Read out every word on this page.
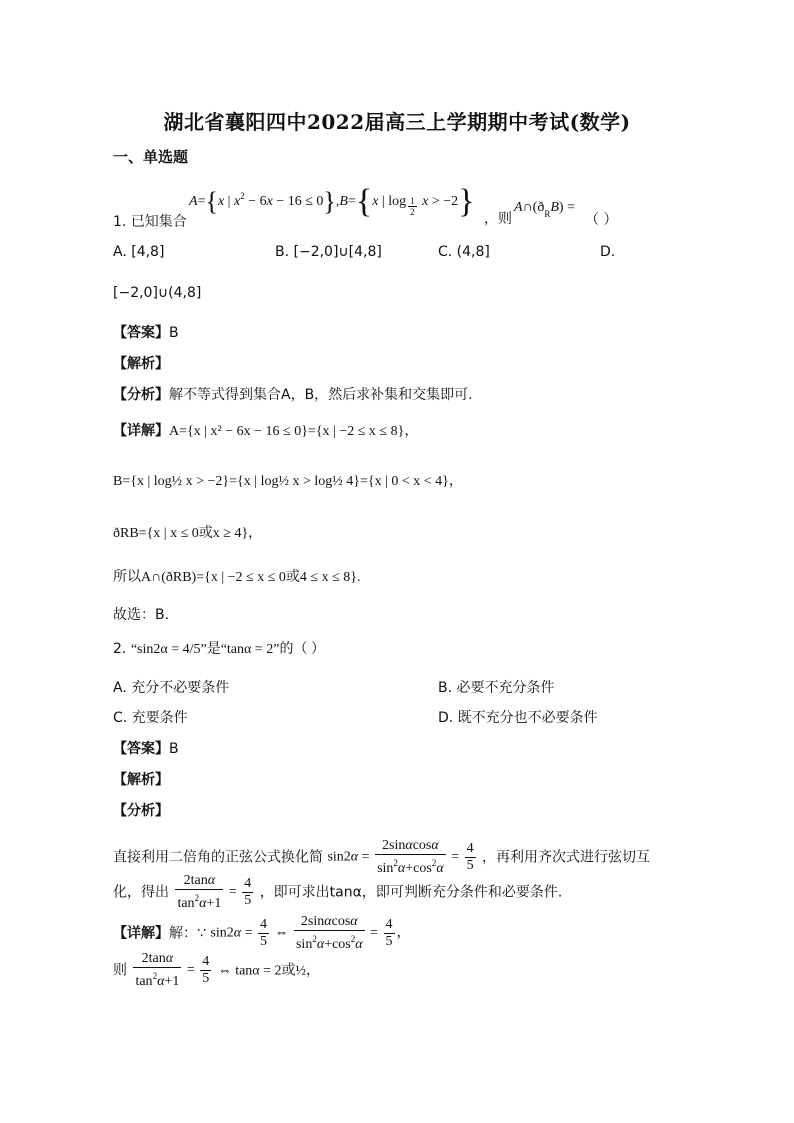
湖北省襄阳四中2022届高三上学期期中考试(数学)
一、单选题
A={x | $x^2 - 6x - 16 \le 0\},B=\{x$ | $\log \frac{1}{2}$ x > −2}
1. 已知集合	，则
$A\cap(ð_RB)$ =
（ ）
A. [4,8]	B. [−2,0]∪[4,8]	C. (4,8]	D.
[−2,0]∪(4,8]
【答案】B
【解析】
【分析】解不等式得到集合A，B，然后求补集和交集即可.
【详解】A={x | x² − 6x − 16 ≤ 0}={x | −2 ≤ x ≤ 8}，
B={x | log½ x > −2}={x | log½ x > log½ 4}={x | 0 < x < 4}，
ðRB={x | x ≤ 0或x ≥ 4}，
所以A∩(ðRB)={x | −2 ≤ x ≤ 0或4 ≤ x ≤ 8}.
故选：B.
2. “sin2α = 4/5”是“tanα = 2”的（ ）
A. 充分不必要条件	B. 必要不充分条件
C. 充要条件	D. 既不充分也不必要条件
【答案】B
【解析】
【分析】
直接利用二倍角的正弦公式换化简 $\sin 2\alpha = \frac{2\sin\alpha\cos\alpha}{\sin^2\alpha+\cos^2\alpha} = \frac{4}{5}$ ，再利用齐次式进行弦切互
化，得出 $\frac{2\tan\alpha}{\tan^2\alpha+1} = \frac{4}{5}$ ，即可求出tanα，即可判断充分条件和必要条件.
【详解】解：∵ $\sin 2\alpha = \frac{4}{5}$ ⇔ $\frac{2\sin\alpha\cos\alpha}{\sin^2\alpha+\cos^2\alpha} = \frac{4}{5}$ ，
则 $\frac{2\tan\alpha}{\tan^2\alpha+1} = \frac{4}{5}$ ⇔ tanα = 2或½，
